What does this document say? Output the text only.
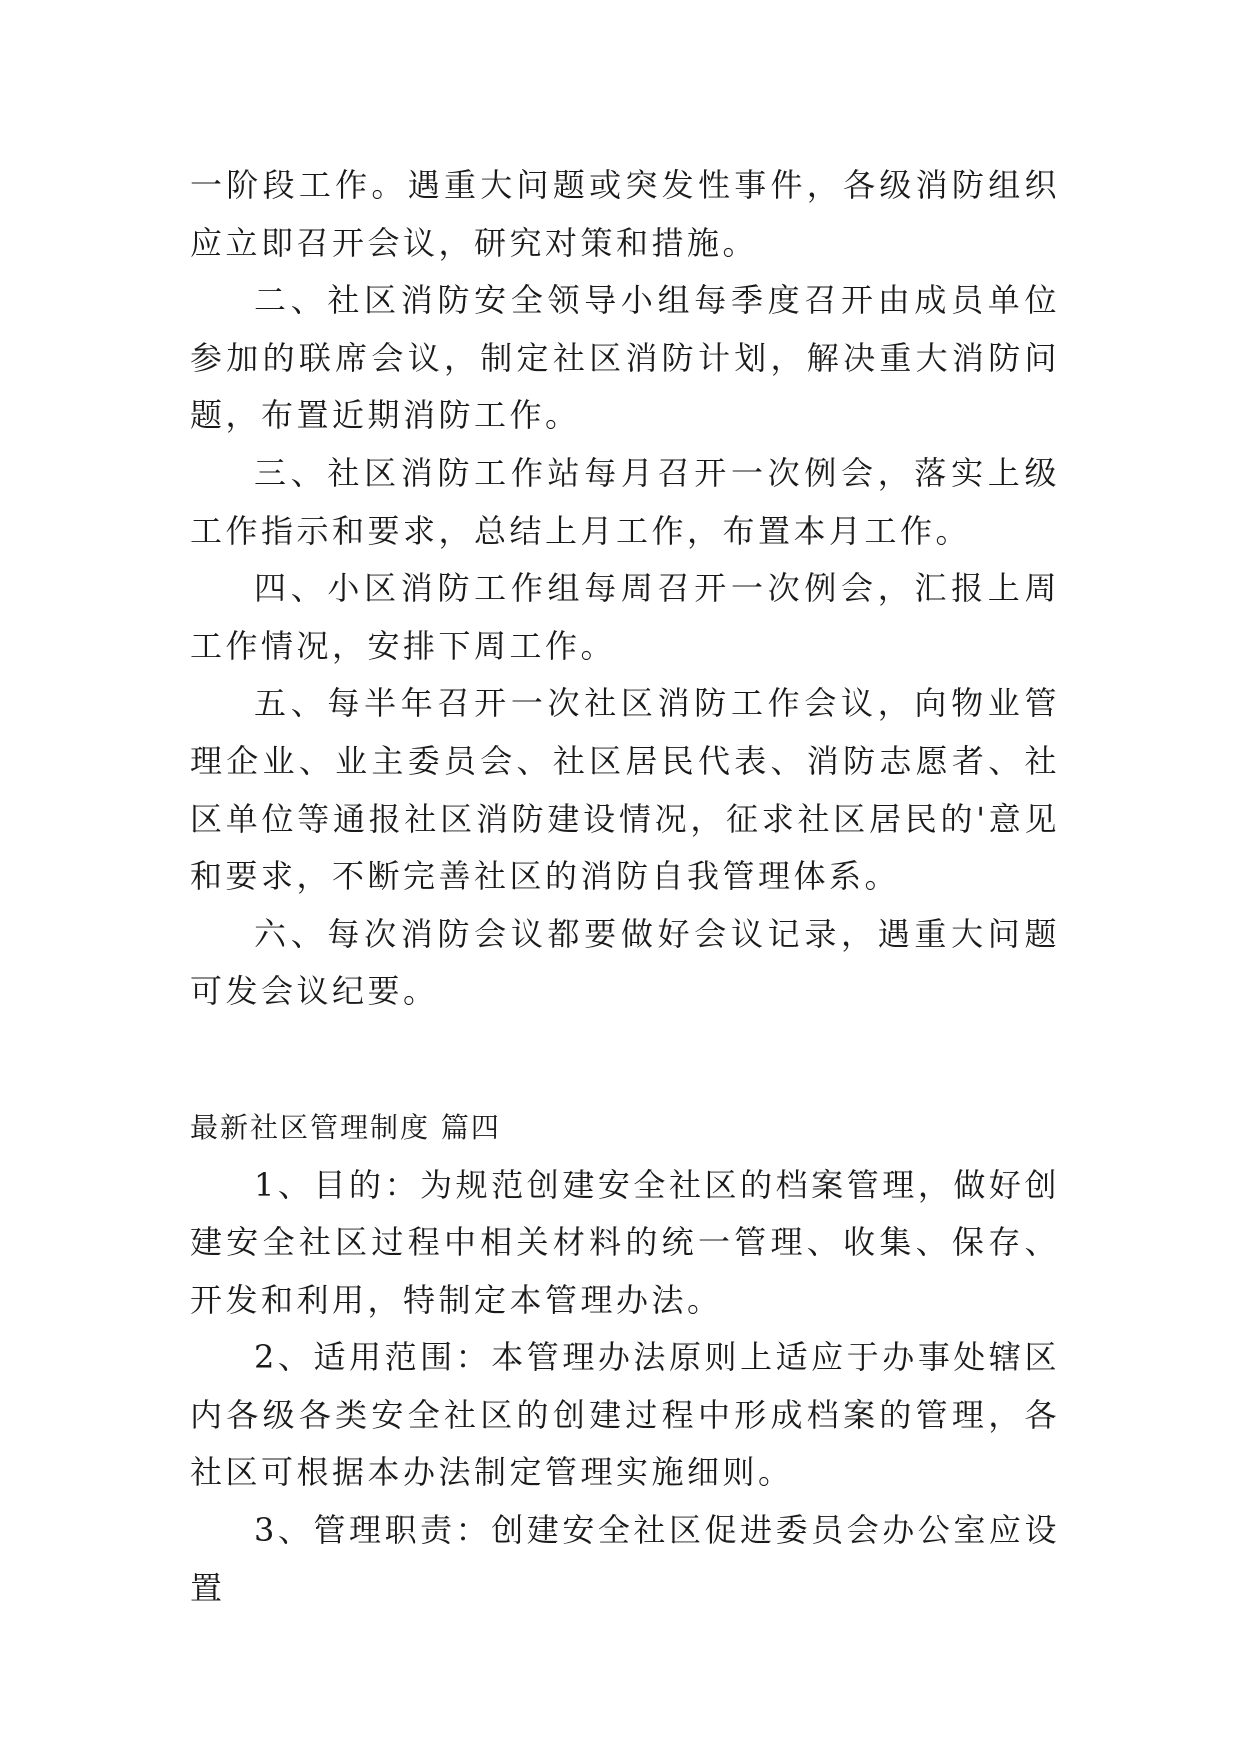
一阶段工作。遇重大问题或突发性事件，各级消防组织应立即召开会议，研究对策和措施。

二、社区消防安全领导小组每季度召开由成员单位参加的联席会议，制定社区消防计划，解决重大消防问题，布置近期消防工作。

三、社区消防工作站每月召开一次例会，落实上级工作指示和要求，总结上月工作，布置本月工作。

四、小区消防工作组每周召开一次例会，汇报上周工作情况，安排下周工作。

五、每半年召开一次社区消防工作会议，向物业管理企业、业主委员会、社区居民代表、消防志愿者、社区单位等通报社区消防建设情况，征求社区居民的'意见和要求，不断完善社区的消防自我管理体系。

六、每次消防会议都要做好会议记录，遇重大问题可发会议纪要。

最新社区管理制度 篇四

1、目的：为规范创建安全社区的档案管理，做好创建安全社区过程中相关材料的统一管理、收集、保存、开发和利用，特制定本管理办法。

2、适用范围：本管理办法原则上适应于办事处辖区内各级各类安全社区的创建过程中形成档案的管理，各社区可根据本办法制定管理实施细则。

3、管理职责：创建安全社区促进委员会办公室应设置
